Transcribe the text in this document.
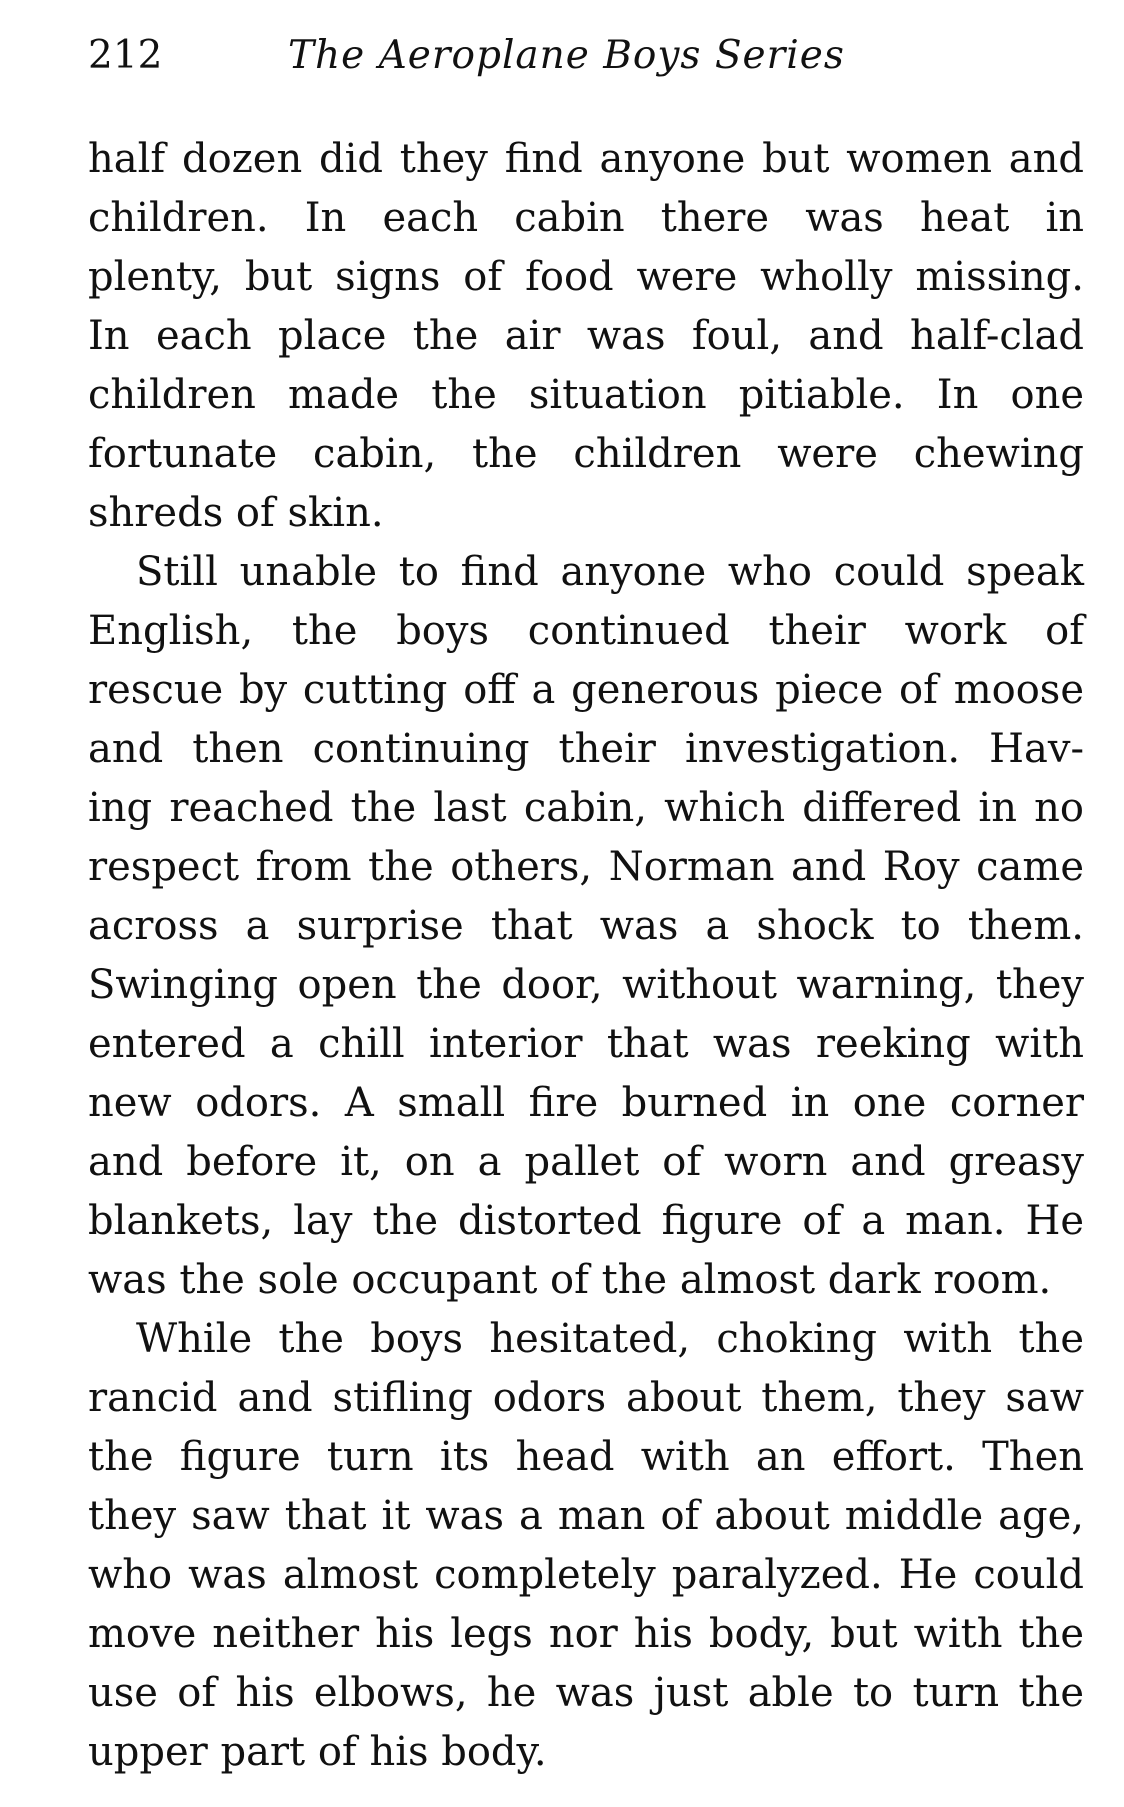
212	The Aeroplane Boys Series
half dozen did they find anyone but women and
children. In each cabin there was heat in
plenty, but signs of food were wholly missing.
In each place the air was foul, and half-clad
children made the situation pitiable. In one
fortunate cabin, the children were chewing
shreds of skin.
Still unable to find anyone who could speak
English, the boys continued their work of
rescue by cutting off a generous piece of moose
and then continuing their investigation. Hav-
ing reached the last cabin, which differed in no
respect from the others, Norman and Roy came
across a surprise that was a shock to them.
Swinging open the door, without warning, they
entered a chill interior that was reeking with
new odors. A small fire burned in one corner
and before it, on a pallet of worn and greasy
blankets, lay the distorted figure of a man. He
was the sole occupant of the almost dark room.
While the boys hesitated, choking with the
rancid and stifling odors about them, they saw
the figure turn its head with an effort. Then
they saw that it was a man of about middle age,
who was almost completely paralyzed. He could
move neither his legs nor his body, but with the
use of his elbows, he was just able to turn the
upper part of his body.
